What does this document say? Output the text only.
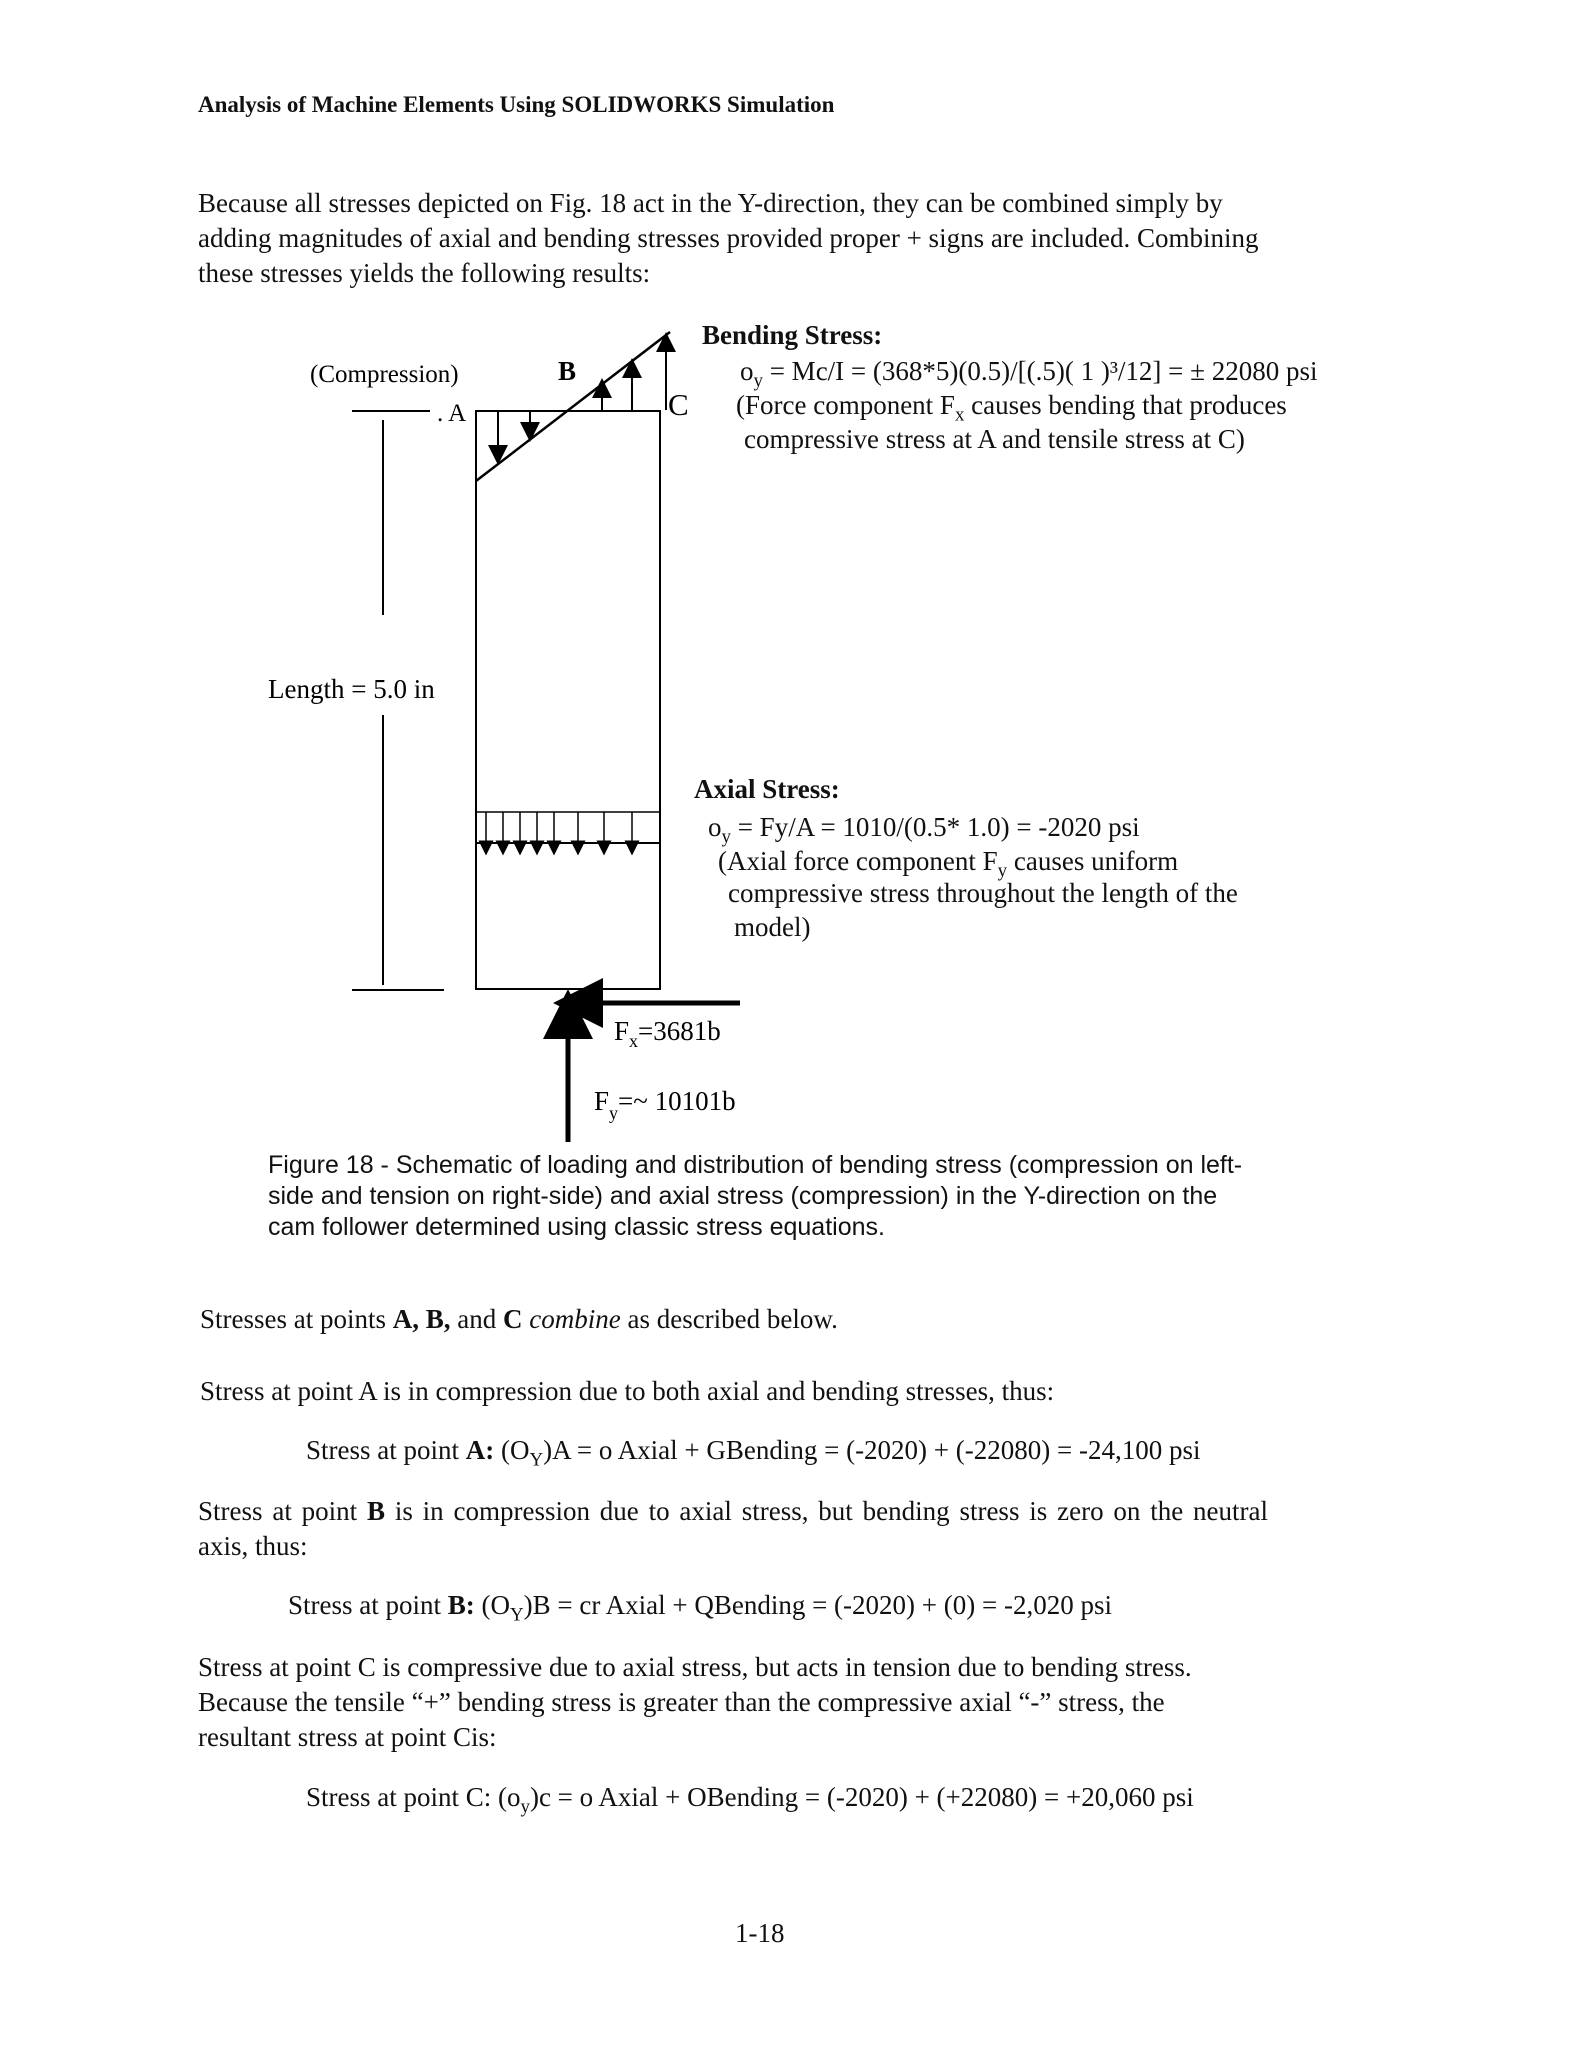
Analysis of Machine Elements Using SOLIDWORKS Simulation
Because all stresses depicted on Fig. 18 act in the Y-direction, they can be combined simply by adding magnitudes of axial and bending stresses provided proper + signs are included. Combining these stresses yields the following results:
(Compression)
. A
B
C
Length = 5.0 in
$F_x=3681b$
$F_y=\sim$ 10101b
Bending Stress:
$o_y = Mc/I = (368*5)(0.5)/[(.5)$( 1 )³/12] = ± 22080 psi
(Force component $F_x$ causes bending that produces
compressive stress at A and tensile stress at C)
Axial Stress:
$o_y = Fy/A = 1010/(0.5*$ 1.0) = -2020 psi
(Axial force component $F_y$ causes uniform
compressive stress throughout the length of the
model)
Figure 18 - Schematic of loading and distribution of bending stress (compression on left-side and tension on right-side) and axial stress (compression) in the Y-direction on the cam follower determined using classic stress equations.
Stresses at points A, B, and C combine as described below.
Stress at point A is in compression due to both axial and bending stresses, thus:
Stress at point A: $(O_Y)A = o$ Axial + GBending = (-2020) + (-22080) = -24,100 psi
Stress at point B is in compression due to axial stress, but bending stress is zero on the neutral axis, thus:
Stress at point B: $(O_Y)B$ = cr Axial + QBending = (-2020) + (0) = -2,020 psi
Stress at point C is compressive due to axial stress, but acts in tension due to bending stress. Because the tensile “+” bending stress is greater than the compressive axial “-” stress, the resultant stress at point Cis:
Stress at point C: $(o_y)c = o$ Axial + OBending = (-2020) + (+22080) = +20,060 psi
1-18
